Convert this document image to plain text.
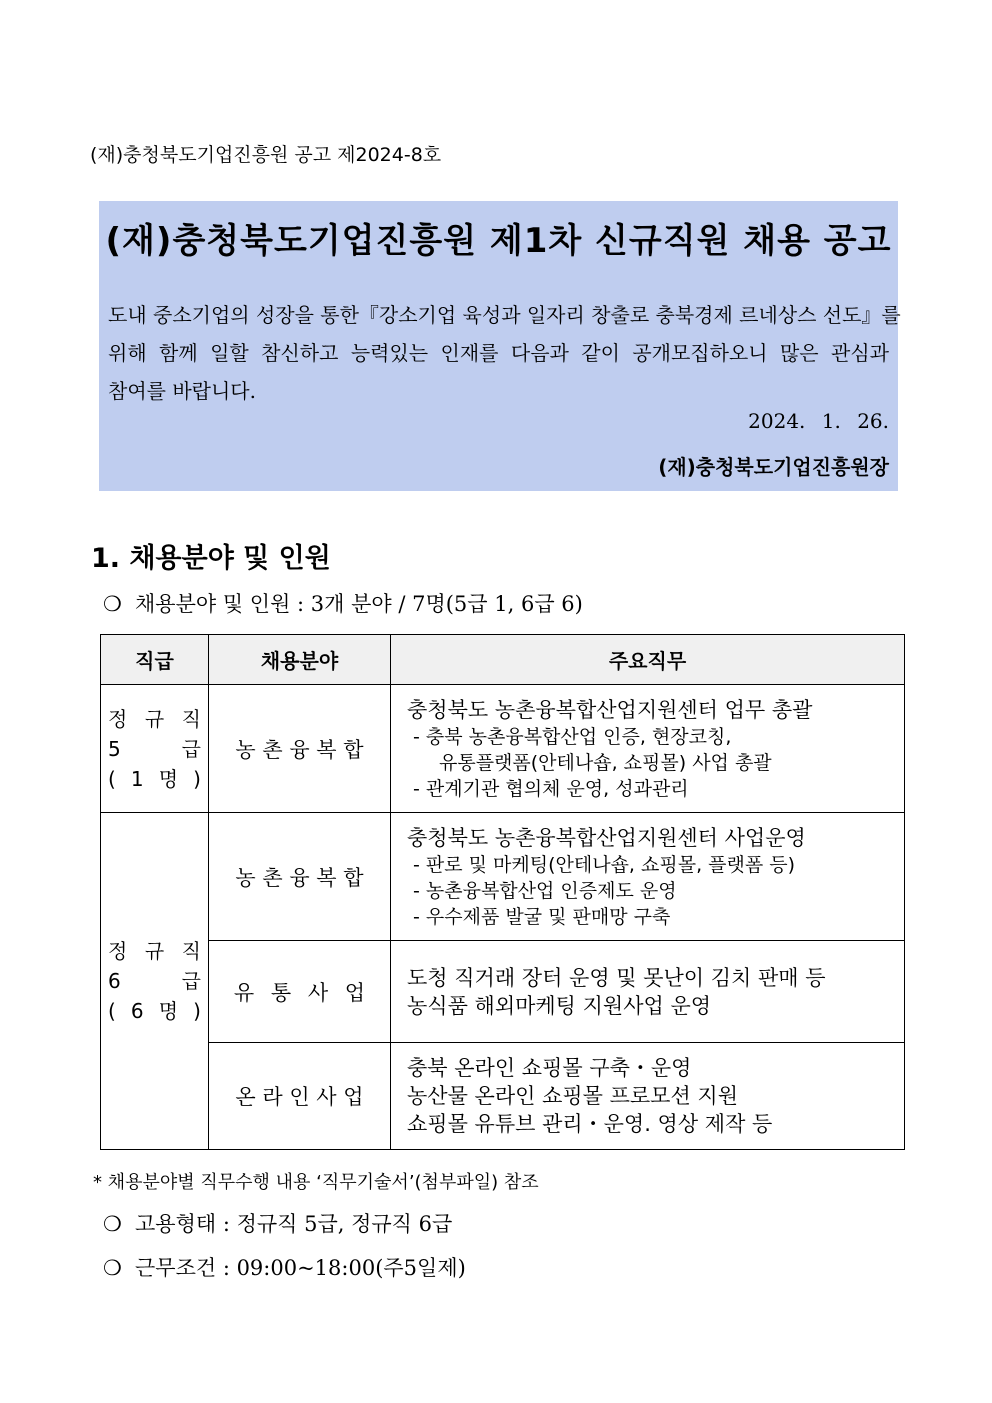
(재)충청북도기업진흥원 공고 제2024-8호
(재)충청북도기업진흥원 제1차 신규직원 채용 공고
도내 중소기업의 성장을 통한『강소기업 육성과 일자리 창출로 충북경제 르네상스 선도』를
위해 함께 일할 참신하고 능력있는 인재를 다음과 같이 공개모집하오니 많은 관심과
참여를 바랍니다.
2024. 1. 26.
(재)충청북도기업진흥원장
1. 채용분야 및 인원
❍ 채용분야 및 인원 : 3개 분야 / 7명(5급 1, 6급 6)
직급	채용분야	주요직무

정 규 직
5 급
( 1 명 )	농 촌 융 복 합	충청북도 농촌융복합산업지원센터 업무 총괄
- 충북 농촌융복합산업 인증, 현장코칭,
유통플랫폼(안테나숍, 쇼핑몰) 사업 총괄
- 관계기관 협의체 운영, 성과관리

정 규 직
6 급
( 6 명 )	농 촌 융 복 합	충청북도 농촌융복합산업지원센터 사업운영
- 판로 및 마케팅(안테나숍, 쇼핑몰, 플랫폼 등)
- 농촌융복합산업 인증제도 운영
- 우수제품 발굴 및 판매망 구축

	유 통 사 업	도청 직거래 장터 운영 및 못난이 김치 판매 등
농식품 해외마케팅 지원사업 운영

	온 라 인 사 업	충북 온라인 쇼핑몰 구축・운영
농산물 온라인 쇼핑몰 프로모션 지원
쇼핑몰 유튜브 관리・운영. 영상 제작 등
* 채용분야별 직무수행 내용 ‘직무기술서’(첨부파일) 참조
❍ 고용형태 : 정규직 5급, 정규직 6급
❍ 근무조건 : 09:00~18:00(주5일제)
